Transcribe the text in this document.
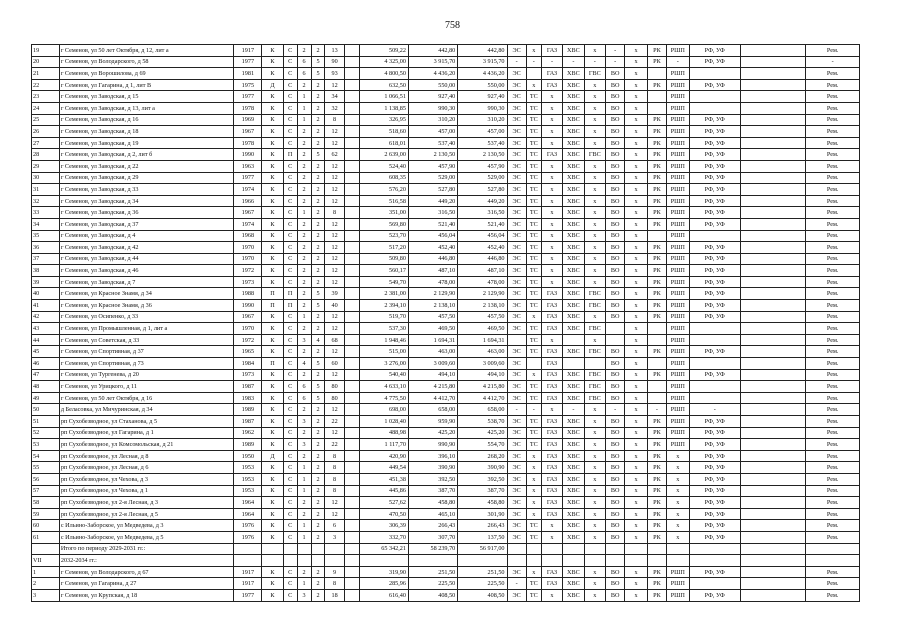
758
19	г Семенов, ул 50 лет Октября, д 12, лит а	1917	К	С	2	2	13		509,22	442,80	442,80	ЭС	х	ГАЗ	ХВС	х	-	х	РК	РШП	РФ, УФ		Рем.
20	г Семенов, ул Володарского, д 58	1977	К	С	6	5	90		4 325,00	3 915,70	3 915,70	-	-	-	-	-	-	х	РК	-	РФ, УФ		-
21	г Семенов, ул Ворошилова, д 69	1981	К	С	6	5	93		4 800,50	4 436,20	4 436,20	ЭС		ГАЗ	ХВС	ГВС	ВО	х		РШП			Рем.
22	г Семенов, ул Гагарина, д 1, лит В	1975	Д	С	2	2	12		632,50	550,00	550,00	ЭС	х	ГАЗ	ХВС	х	ВО	х	РК	РШП	РФ, УФ		Рем.
23	г Семенов, ул Заводская, д 15	1977	К	С	1	2	34		1 066,51	927,40	927,40	ЭС	ТС	х	ХВС	х	ВО	х		РШП			Рем.
24	г Семенов, ул Заводская, д 13, лит а	1978	К	С	1	2	32		1 138,85	990,30	990,30	ЭС	ТС	х	ХВС	х	ВО	х		РШП			Рем.
25	г Семенов, ул Заводская, д 16	1969	К	С	1	2	8		326,95	310,20	310,20	ЭС	ТС	х	ХВС	х	ВО	х	РК	РШП	РФ, УФ		Рем.
26	г Семенов, ул Заводская, д 18	1967	К	С	2	2	12		518,60	457,00	457,00	ЭС	ТС	х	ХВС	х	ВО	х	РК	РШП	РФ, УФ		Рем.
27	г Семенов, ул Заводская, д 19	1978	К	С	2	2	12		618,01	537,40	537,40	ЭС	ТС	х	ХВС	х	ВО	х	РК	РШП	РФ, УФ		Рем.
28	г Семенов, ул Заводская, д 2, лит б	1990	К	П	2	5	62		2 639,00	2 130,50	2 130,50	ЭС	ТС	ГАЗ	ХВС	ГВС	ВО	х	РК	РШП	РФ, УФ		Рем.
29	г Семенов, ул Заводская, д 22	1963	К	С	2	2	12		524,40	457,90	457,90	ЭС	ТС	х	ХВС	х	ВО	х	РК	РШП	РФ, УФ		Рем.
30	г Семенов, ул Заводская, д 29	1977	К	С	2	2	12		608,35	529,00	529,00	ЭС	ТС	х	ХВС	х	ВО	х	РК	РШП	РФ, УФ		Рем.
31	г Семенов, ул Заводская, д 33	1974	К	С	2	2	12		576,20	527,80	527,80	ЭС	ТС	х	ХВС	х	ВО	х	РК	РШП	РФ, УФ		Рем.
32	г Семенов, ул Заводская, д 34	1966	К	С	2	2	12		516,58	449,20	449,20	ЭС	ТС	х	ХВС	х	ВО	х	РК	РШП	РФ, УФ		Рем.
33	г Семенов, ул Заводская, д 36	1967	К	С	1	2	8		351,00	316,50	316,50	ЭС	ТС	х	ХВС	х	ВО	х	РК	РШП	РФ, УФ		Рем.
34	г Семенов, ул Заводская, д 37	1974	К	С	2	2	12		569,80	521,40	521,40	ЭС	ТС	х	ХВС	х	ВО	х	РК	РШП	РФ, УФ		Рем.
35	г Семенов, ул Заводская, д 4	1968	К	С	2	2	12		523,70	456,04	456,04	ЭС	ТС	х	ХВС	х	ВО	х		РШП			Рем.
36	г Семенов, ул Заводская, д 42	1970	К	С	2	2	12		517,20	452,40	452,40	ЭС	ТС	х	ХВС	х	ВО	х	РК	РШП	РФ, УФ		Рем.
37	г Семенов, ул Заводская, д 44	1970	К	С	2	2	12		509,80	446,80	446,80	ЭС	ТС	х	ХВС	х	ВО	х	РК	РШП	РФ, УФ		Рем.
38	г Семенов, ул Заводская, д 46	1972	К	С	2	2	12		560,17	487,10	487,10	ЭС	ТС	х	ХВС	х	ВО	х	РК	РШП	РФ, УФ		Рем.
39	г Семенов, ул Заводская, д 7	1973	К	С	2	2	12		549,70	478,00	478,00	ЭС	ТС	х	ХВС	х	ВО	х	РК	РШП	РФ, УФ		Рем.
40	г Семенов, ул Красное Знамя, д 34	1988	П	П	2	5	39		2 381,00	2 129,90	2 129,90	ЭС	ТС	ГАЗ	ХВС	ГВС	ВО	х	РК	РШП	РФ, УФ		Рем.
41	г Семенов, ул Красное Знамя, д 36	1990	П	П	2	5	40		2 394,10	2 138,10	2 138,10	ЭС	ТС	ГАЗ	ХВС	ГВС	ВО	х	РК	РШП	РФ, УФ		Рем.
42	г Семенов, ул Осипенко, д 33	1967	К	С	1	2	12		519,70	457,50	457,50	ЭС	х	ГАЗ	ХВС	х	ВО	х	РК	РШП	РФ, УФ		Рем.
43	г Семенов, ул Промышленная, д 1, лит а	1970	К	С	2	2	12		537,30	469,50	469,50	ЭС	ТС	ГАЗ	ХВС	ГВС		х		РШП			Рем.
44	г Семенов, ул Советская, д 33	1972	К	С	3	4	68		1 948,46	1 694,31	1 694,31		ТС	х		х		х		РШП			Рем.
45	г Семенов, ул Спортивная, д 37	1965	К	С	2	2	12		515,00	463,00	463,00	ЭС	ТС	ГАЗ	ХВС	ГВС	ВО	х	РК	РШП	РФ, УФ		Рем.
46	г Семенов, ул Спортивная, д 73	1984	П	С	4	5	60		3 276,00	3 009,60	3 009,60	ЭС		ГАЗ			ВО	х		РШП			Рем.
47	г Семенов, ул Тургенева, д 20	1973	К	С	2	2	12		540,40	494,10	494,10	ЭС	х	ГАЗ	ХВС	ГВС	ВО	х	РК	РШП	РФ, УФ		Рем.
48	г Семенов, ул Урицкого, д 11	1987	К	С	6	5	80		4 633,10	4 215,80	4 215,80	ЭС	ТС	ГАЗ	ХВС	ГВС	ВО	х		РШП			Рем.
49	г Семенов, ул 50 лет Октября, д 16	1983	К	С	6	5	80		4 775,50	4 412,70	4 412,70	ЭС	ТС	ГАЗ	ХВС	ГВС	ВО	х		РШП			Рем.
50	д Беласовка, ул Мичуринская, д 34	1989	К	С	2	2	12		698,00	658,00	658,00	-	-	х	-	х	-	х	-	РШП	-		Рем.
51	рп Сухобезводное, ул Стаханова, д 5	1987	К	С	3	2	22		1 028,40	959,90	538,70	ЭС	ТС	ГАЗ	ХВС	х	ВО	х	РК	РШП	РФ, УФ		Рем.
52	рп Сухобезводное, ул Гагарина, д 1	1962	К	С	2	2	12		488,98	425,20	425,20	ЭС	ТС	ГАЗ	ХВС	х	ВО	х	РК	РШП	РФ, УФ		Рем.
53	рп Сухобезводное, ул Комсомольская, д 21	1989	К	С	3	2	22		1 117,70	990,90	554,70	ЭС	ТС	ГАЗ	ХВС	х	ВО	х	РК	РШП	РФ, УФ		Рем.
54	рп Сухобезводное, ул Лесная, д 8	1950	Д	С	2	2	8		420,90	396,10	268,20	ЭС	х	ГАЗ	ХВС	х	ВО	х	РК	х	РФ, УФ		Рем.
55	рп Сухобезводное, ул Лесная, д 6	1953	К	С	1	2	8		449,54	390,90	390,90	ЭС	х	ГАЗ	ХВС	х	ВО	х	РК	х	РФ, УФ		Рем.
56	рп Сухобезводное, ул Чехова, д 3	1953	К	С	1	2	8		451,38	392,50	392,50	ЭС	х	ГАЗ	ХВС	х	ВО	х	РК	х	РФ, УФ		Рем.
57	рп Сухобезводное, ул Чехова, д 1	1953	К	С	1	2	8		445,86	387,70	387,70	ЭС	х	ГАЗ	ХВС	х	ВО	х	РК	х	РФ, УФ		Рем.
58	рп Сухобезводное, ул 2-я Лесная, д 3	1964	К	С	2	2	12		527,62	458,80	458,80	ЭС	х	ГАЗ	ХВС	х	ВО	х	РК	х	РФ, УФ		Рем.
59	рп Сухобезводное, ул 2-я Лесная, д 5	1964	К	С	2	2	12		470,50	465,10	301,90	ЭС	х	ГАЗ	ХВС	х	ВО	х	РК	х	РФ, УФ		Рем.
60	с Ильино-Заборское, ул Медведева, д 3	1976	К	С	1	2	6		306,39	266,43	266,43	ЭС	ТС	х	ХВС	х	ВО	х	РК	х	РФ, УФ		Рем.
61	с Ильино-Заборское, ул Медведева, д 5	1976	К	С	1	2	3		332,70	307,70	137,50	ЭС	ТС	х	ХВС	х	ВО	х	РК	х	РФ, УФ		Рем.
	Итого по периоду 2029-2031 гг.:								65 342,21	58 239,70	56 917,00												
VII	2032-2034 гг.:																						
1	г Семенов, ул Володарского, д 67	1917	К	С	2	2	9		319,90	251,50	251,50	ЭС	х	ГАЗ	ХВС	х	ВО	х	РК	РШП	РФ, УФ		Рем.
2	г Семенов, ул Гагарина, д 27	1917	К	С	1	2	8		285,96	225,50	225,50	-	ТС	ГАЗ	ХВС	х	ВО	х	РК	РШП			Рем.
3	г Семенов, ул Крупская, д 18	1977	К	С	3	2	18		616,40	408,50	408,50	ЭС	ТС	х	ХВС	х	ВО	х	РК	РШП	РФ, УФ		Рем.
